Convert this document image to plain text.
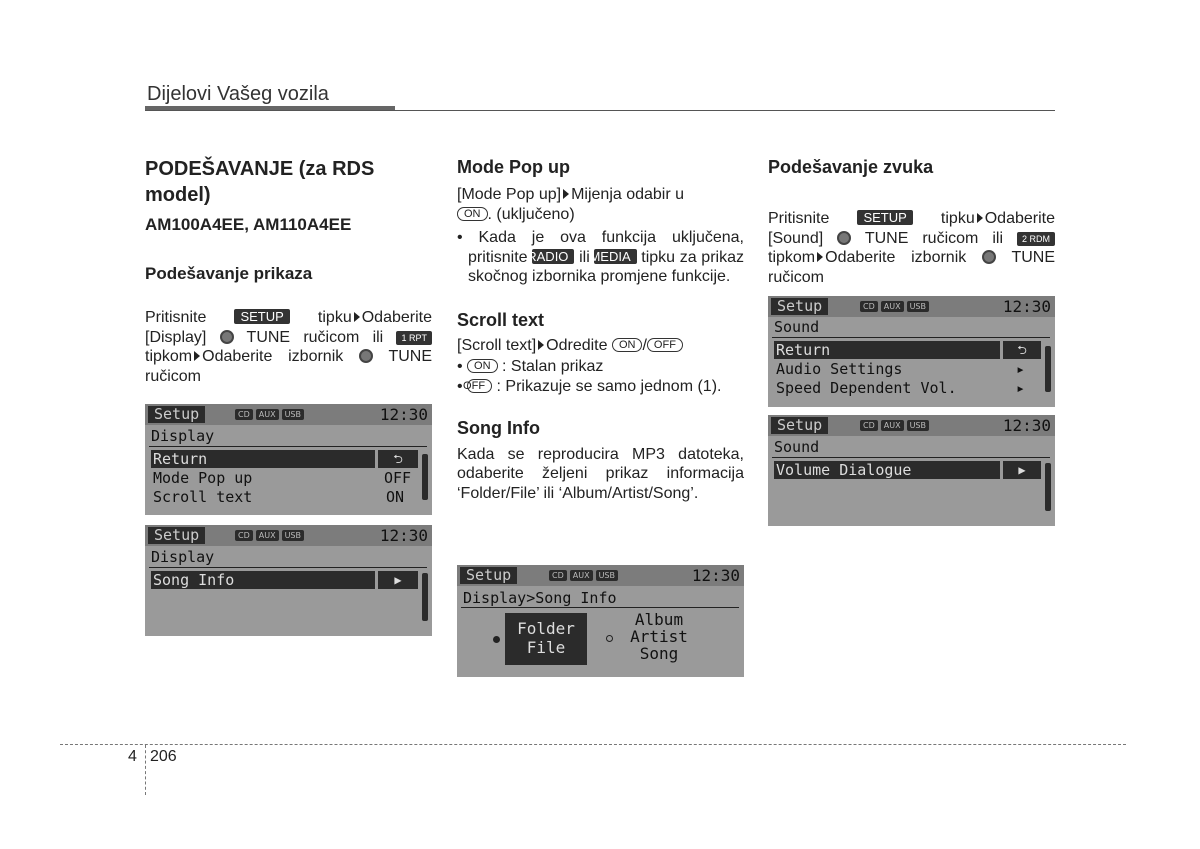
Dijelovi Vašeg vozila
PODEŠAVANJE (za RDS model)
AM100A4EE, AM110A4EE
Podešavanje prikaza
Pritisnite	SETUP tipku Odaberite [Display]	TUNE ručicom ili 1 RPT tipkom Odaberite izbornik	TUNE ručicom
Setup	CD	AUX	USB	12:30
Display
Return	⮌
Mode Pop up	OFF
Scroll text	ON
Setup	CD	AUX	USB	12:30
Display
Song Info	▶
Mode Pop up
[Mode Pop up] Mijenja odabir u
ON . (uključeno)
• Kada je ova funkcija uključena, pritisnite RADIO ili MEDIA tipku za prikaz skočnog izbornika promjene funkcije.
Scroll text
[Scroll text] Odredite ON / OFF
• ON : Stalan prikaz
• OFF : Prikazuje se samo jednom (1).
Song Info
Kada se reproducira MP3 datoteka, odaberite željeni prikaz informacija ‘Folder/File’ ili ‘Album/Artist/Song’.
Setup	CD	AUX	USB	12:30
Display>Song Info
Folder
File
Album
Artist
Song
Podešavanje zvuka
Pritisnite	SETUP tipku Odaberite [Sound]	TUNE ručicom ili 2 RDM tipkom Odaberite izbornik	TUNE ručicom
Setup	CD	AUX	USB	12:30
Sound
Return	⮌
Audio Settings	▸
Speed Dependent Vol.	▸
Setup	CD	AUX	USB	12:30
Sound
Volume Dialogue	▶
4 206
